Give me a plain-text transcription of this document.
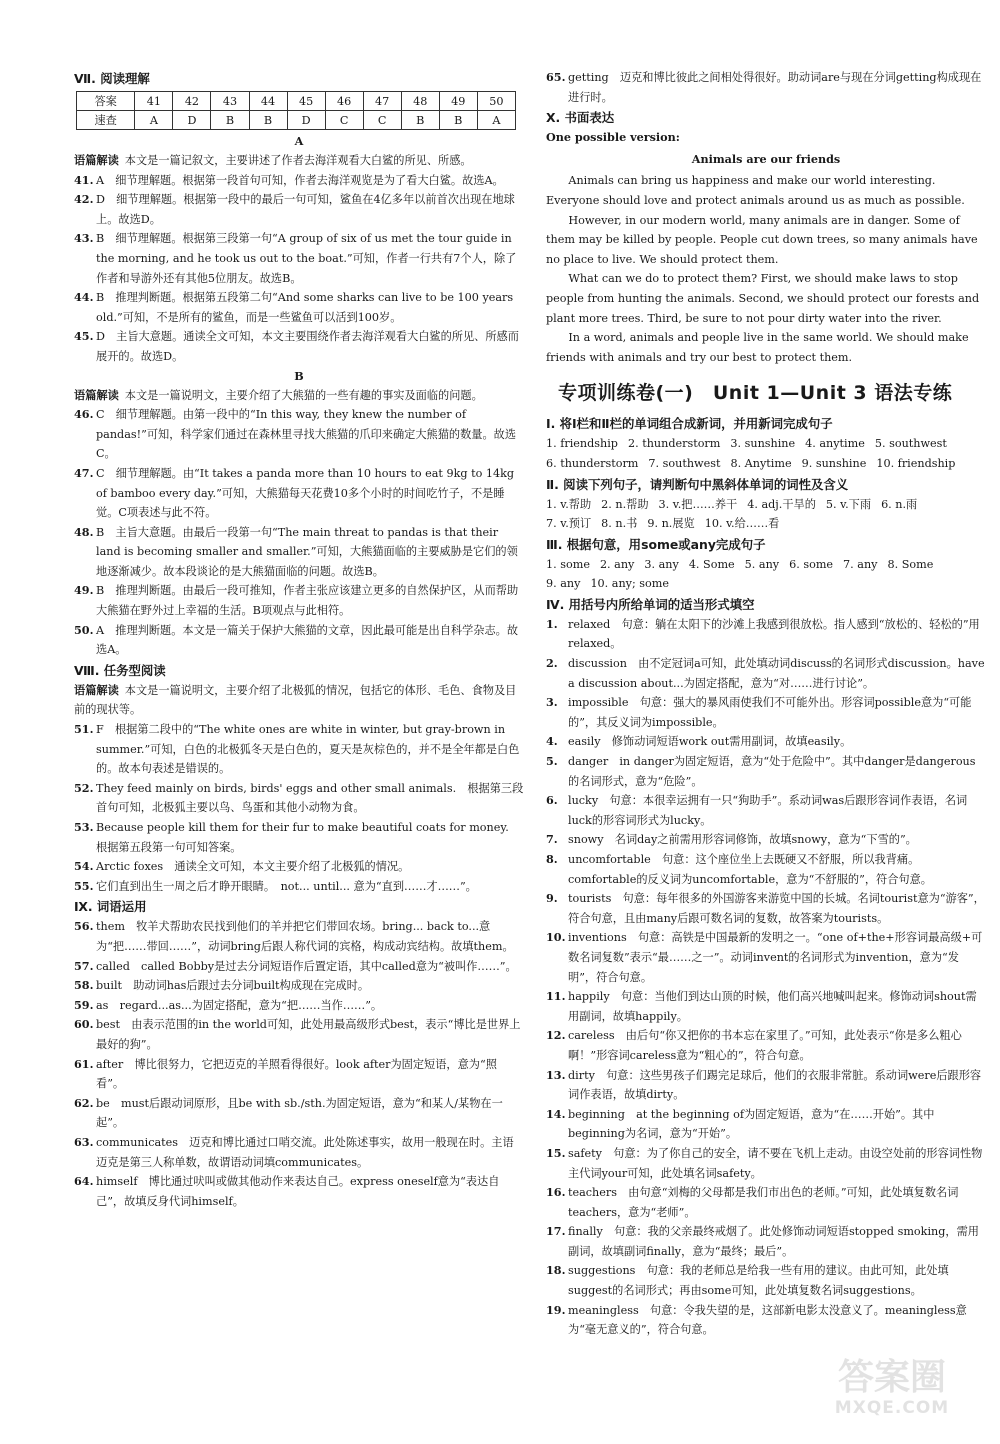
Ⅶ. 阅读理解
答案	41	42	43	44	45	46	47	48	49	50
速查	A	D	B	B	D	C	C	B	B	A
A

语篇解读 本文是一篇记叙文，主要讲述了作者去海洋观看大白鲨的所见、所感。

41. A　细节理解题。根据第一段首句可知，作者去海洋观览是为了看大白鲨。故选A。
42. D　细节理解题。根据第一段中的最后一句可知，鲨鱼在4亿多年以前首次出现在地球上。故选D。
43. B　细节理解题。根据第三段第一句“A group of six of us met the tour guide in the morning, and he took us out to the boat.”可知，作者一行共有7个人，除了作者和导游外还有其他5位朋友。故选B。
44. B　推理判断题。根据第五段第二句“And some sharks can live to be 100 years old.”可知，不是所有的鲨鱼，而是一些鲨鱼可以活到100岁。
45. D　主旨大意题。通读全文可知，本文主要围绕作者去海洋观看大白鲨的所见、所感而展开的。故选D。
B

语篇解读 本文是一篇说明文，主要介绍了大熊猫的一些有趣的事实及面临的问题。

46. C　细节理解题。由第一段中的“In this way, they knew the number of pandas!”可知，科学家们通过在森林里寻找大熊猫的爪印来确定大熊猫的数量。故选C。
47. C　细节理解题。由“It takes a panda more than 10 hours to eat 9kg to 14kg of bamboo every day.”可知，大熊猫每天花费10多个小时的时间吃竹子，不是睡觉。C项表述与此不符。
48. B　主旨大意题。由最后一段第一句“The main threat to pandas is that their land is becoming smaller and smaller.”可知，大熊猫面临的主要威胁是它们的领地逐渐减少。故本段谈论的是大熊猫面临的问题。故选B。
49. B　推理判断题。由最后一段可推知，作者主张应该建立更多的自然保护区，从而帮助大熊猫在野外过上幸福的生活。B项观点与此相符。
50. A　推理判断题。本文是一篇关于保护大熊猫的文章，因此最可能是出自科学杂志。故选A。
Ⅷ. 任务型阅读

语篇解读 本文是一篇说明文，主要介绍了北极狐的情况，包括它的体形、毛色、食物及目前的现状等。

51. F　根据第二段中的“The white ones are white in winter, but gray-brown in summer.”可知，白色的北极狐冬天是白色的，夏天是灰棕色的，并不是全年都是白色的。故本句表述是错误的。
52. They feed mainly on birds, birds' eggs and other small animals.　根据第三段首句可知，北极狐主要以鸟、鸟蛋和其他小动物为食。
53. Because people kill them for their fur to make beautiful coats for money.　根据第五段第一句可知答案。
54. Arctic foxes　通读全文可知，本文主要介绍了北极狐的情况。
55. 它们直到出生一周之后才睁开眼睛。　not... until... 意为“直到……才……”。
Ⅸ. 词语运用
56. them　牧羊犬帮助农民找到他们的羊并把它们带回农场。bring... back to...意为“把……带回……”，动词bring后跟人称代词的宾格，构成动宾结构。故填them。
57. called　called Bobby是过去分词短语作后置定语，其中called意为“被叫作……”。
58. built　助动词has后跟过去分词built构成现在完成时。
59. as　regard...as...为固定搭配，意为“把……当作……”。
60. best　由表示范围的in the world可知，此处用最高级形式best，表示“博比是世界上最好的狗”。
61. after　博比很努力，它把迈克的羊照看得很好。look after为固定短语，意为“照看”。
62. be　must后跟动词原形，且be with sb./sth.为固定短语，意为“和某人/某物在一起”。
63. communicates　迈克和博比通过口哨交流。此处陈述事实，故用一般现在时。主语迈克是第三人称单数，故谓语动词填communicates。
64. himself　博比通过吠叫或做其他动作来表达自己。express oneself意为“表达自己”，故填反身代词himself。
65. getting　迈克和博比彼此之间相处得很好。助动词are与现在分词getting构成现在进行时。
Ⅹ. 书面表达
One possible version:
Animals are our friends

Animals can bring us happiness and make our world interesting. Everyone should love and protect animals around us as much as possible.

However, in our modern world, many animals are in danger. Some of them may be killed by people. People cut down trees, so many animals have no place to live. We should protect them.

What can we do to protect them? First, we should make laws to stop people from hunting the animals. Second, we should protect our forests and plant more trees. Third, be sure to not pour dirty water into the river.

In a word, animals and people live in the same world. We should make friends with animals and try our best to protect them.

专项训练卷(一)　Unit 1—Unit 3 语法专练
Ⅰ. 将Ⅰ栏和Ⅱ栏的单词组合成新词，并用新词完成句子
1. friendship 2. thunderstorm 3. sunshine 4. anytime 5. southwest
6. thunderstorm 7. southwest 8. Anytime 9. sunshine 10. friendship
Ⅱ. 阅读下列句子，请判断句中黑斜体单词的词性及含义
1. v.帮助 2. n.帮助 3. v.把……养干 4. adj.干旱的 5. v.下雨 6. n.雨
7. v.预订 8. n.书 9. n.展览 10. v.给……看
Ⅲ. 根据句意，用some或any完成句子
1. some 2. any 3. any 4. Some 5. any 6. some 7. any 8. Some
9. any 10. any; some
Ⅳ. 用括号内所给单词的适当形式填空
1. relaxed　句意：躺在太阳下的沙滩上我感到很放松。指人感到“放松的、轻松的”用relaxed。
2. discussion　由不定冠词a可知，此处填动词discuss的名词形式discussion。have a discussion about...为固定搭配，意为“对……进行讨论”。
3. impossible　句意：强大的暴风雨使我们不可能外出。形容词possible意为“可能的”，其反义词为impossible。
4. easily　修饰动词短语work out需用副词，故填easily。
5. danger　in danger为固定短语，意为“处于危险中”。其中danger是dangerous的名词形式，意为“危险”。
6. lucky　句意：本很幸运拥有一只“狗助手”。系动词was后跟形容词作表语，名词luck的形容词形式为lucky。
7. snowy　名词day之前需用形容词修饰，故填snowy，意为“下雪的”。
8. uncomfortable　句意：这个座位坐上去既硬又不舒服，所以我背痛。comfortable的反义词为uncomfortable，意为“不舒服的”，符合句意。
9. tourists　句意：每年很多的外国游客来游览中国的长城。名词tourist意为“游客”，符合句意，且由many后跟可数名词的复数，故答案为tourists。
10. inventions　句意：高铁是中国最新的发明之一。“one of+the+形容词最高级+可数名词复数”表示“最……之一”。动词invent的名词形式为invention，意为“发明”，符合句意。
11. happily　句意：当他们到达山顶的时候，他们高兴地喊叫起来。修饰动词shout需用副词，故填happily。
12. careless　由后句“你又把你的书本忘在家里了。”可知，此处表示“你是多么粗心啊！”形容词careless意为“粗心的”，符合句意。
13. dirty　句意：这些男孩子们踢完足球后，他们的衣服非常脏。系动词were后跟形容词作表语，故填dirty。
14. beginning　at the beginning of为固定短语，意为“在……开始”。其中beginning为名词，意为“开始”。
15. safety　句意：为了你自己的安全，请不要在飞机上走动。由设空处前的形容词性物主代词your可知，此处填名词safety。
16. teachers　由句意“刘梅的父母都是我们市出色的老师。”可知，此处填复数名词teachers，意为“老师”。
17. finally　句意：我的父亲最终戒烟了。此处修饰动词短语stopped smoking，需用副词，故填副词finally，意为“最终；最后”。
18. suggestions　句意：我的老师总是给我一些有用的建议。由此可知，此处填suggest的名词形式；再由some可知，此处填复数名词suggestions。
19. meaningless　句意：令我失望的是，这部新电影太没意义了。meaningless意为“毫无意义的”，符合句意。
答案圈
MXQE.COM
